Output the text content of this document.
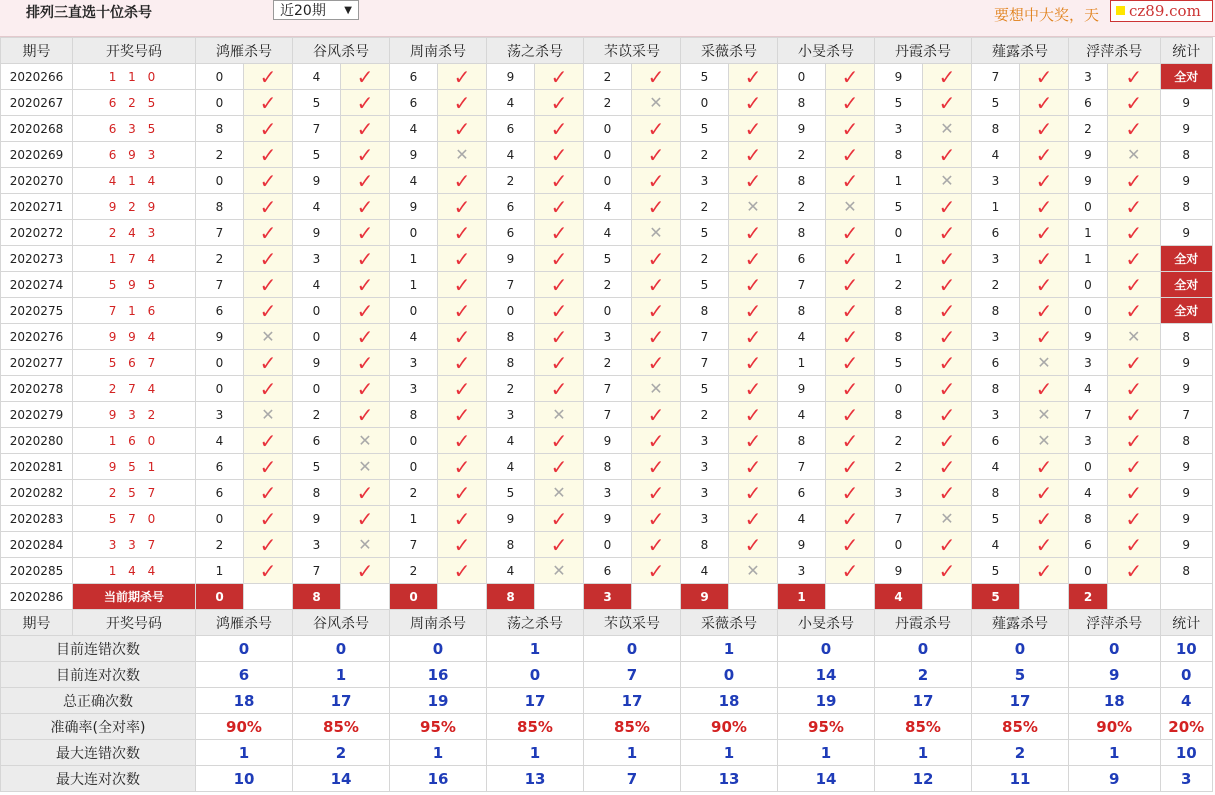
排列三直选十位杀号	近20期 ▼	要想中大奖，天	cz89.com
期号	开奖号码	鸿雁杀号		谷风杀号		周南杀号		荡之杀号		芣苡采号		采薇杀号		小旻杀号		丹霞杀号		薤露杀号		浮萍杀号		统计
2020266	1 1 0	0	✓	4	✓	6	✓	9	✓	2	✓	5	✓	0	✓	9	✓	7	✓	3	✓	全对
2020267	6 2 5	0	✓	5	✓	6	✓	4	✓	2	✕	0	✓	8	✓	5	✓	5	✓	6	✓	9
2020268	6 3 5	8	✓	7	✓	4	✓	6	✓	0	✓	5	✓	9	✓	3	✕	8	✓	2	✓	9
2020269	6 9 3	2	✓	5	✓	9	✕	4	✓	0	✓	2	✓	2	✓	8	✓	4	✓	9	✕	8
2020270	4 1 4	0	✓	9	✓	4	✓	2	✓	0	✓	3	✓	8	✓	1	✕	3	✓	9	✓	9
2020271	9 2 9	8	✓	4	✓	9	✓	6	✓	4	✓	2	✕	2	✕	5	✓	1	✓	0	✓	8
2020272	2 4 3	7	✓	9	✓	0	✓	6	✓	4	✕	5	✓	8	✓	0	✓	6	✓	1	✓	9
2020273	1 7 4	2	✓	3	✓	1	✓	9	✓	5	✓	2	✓	6	✓	1	✓	3	✓	1	✓	全对
2020274	5 9 5	7	✓	4	✓	1	✓	7	✓	2	✓	5	✓	7	✓	2	✓	2	✓	0	✓	全对
2020275	7 1 6	6	✓	0	✓	0	✓	0	✓	0	✓	8	✓	8	✓	8	✓	8	✓	0	✓	全对
2020276	9 9 4	9	✕	0	✓	4	✓	8	✓	3	✓	7	✓	4	✓	8	✓	3	✓	9	✕	8
2020277	5 6 7	0	✓	9	✓	3	✓	8	✓	2	✓	7	✓	1	✓	5	✓	6	✕	3	✓	9
2020278	2 7 4	0	✓	0	✓	3	✓	2	✓	7	✕	5	✓	9	✓	0	✓	8	✓	4	✓	9
2020279	9 3 2	3	✕	2	✓	8	✓	3	✕	7	✓	2	✓	4	✓	8	✓	3	✕	7	✓	7
2020280	1 6 0	4	✓	6	✕	0	✓	4	✓	9	✓	3	✓	8	✓	2	✓	6	✕	3	✓	8
2020281	9 5 1	6	✓	5	✕	0	✓	4	✓	8	✓	3	✓	7	✓	2	✓	4	✓	0	✓	9
2020282	2 5 7	6	✓	8	✓	2	✓	5	✕	3	✓	3	✓	6	✓	3	✓	8	✓	4	✓	9
2020283	5 7 0	0	✓	9	✓	1	✓	9	✓	9	✓	3	✓	4	✓	7	✕	5	✓	8	✓	9
2020284	3 3 7	2	✓	3	✕	7	✓	8	✓	0	✓	8	✓	9	✓	0	✓	4	✓	6	✓	9
2020285	1 4 4	1	✓	7	✓	2	✓	4	✕	6	✓	4	✕	3	✓	9	✓	5	✓	0	✓	8
2020286	当前期杀号	0		8		0		8		3		9		1		4		5		2		
期号	开奖号码	鸿雁杀号		谷风杀号		周南杀号		荡之杀号		芣苡采号		采薇杀号		小旻杀号		丹霞杀号		薤露杀号		浮萍杀号		统计
目前连错次数		0		0		0		1		0		1		0		0		0		0		10
目前连对次数		6		1		16		0		7		0		14		2		5		9		0
总正确次数		18		17		19		17		17		18		19		17		17		18		4
准确率(全对率)		90%		85%		95%		85%		85%		90%		95%		85%		85%		90%		20%
最大连错次数		1		2		1		1		1		1		1		1		2		1		10
最大连对次数		10		14		16		13		7		13		14		12		11		9		3
